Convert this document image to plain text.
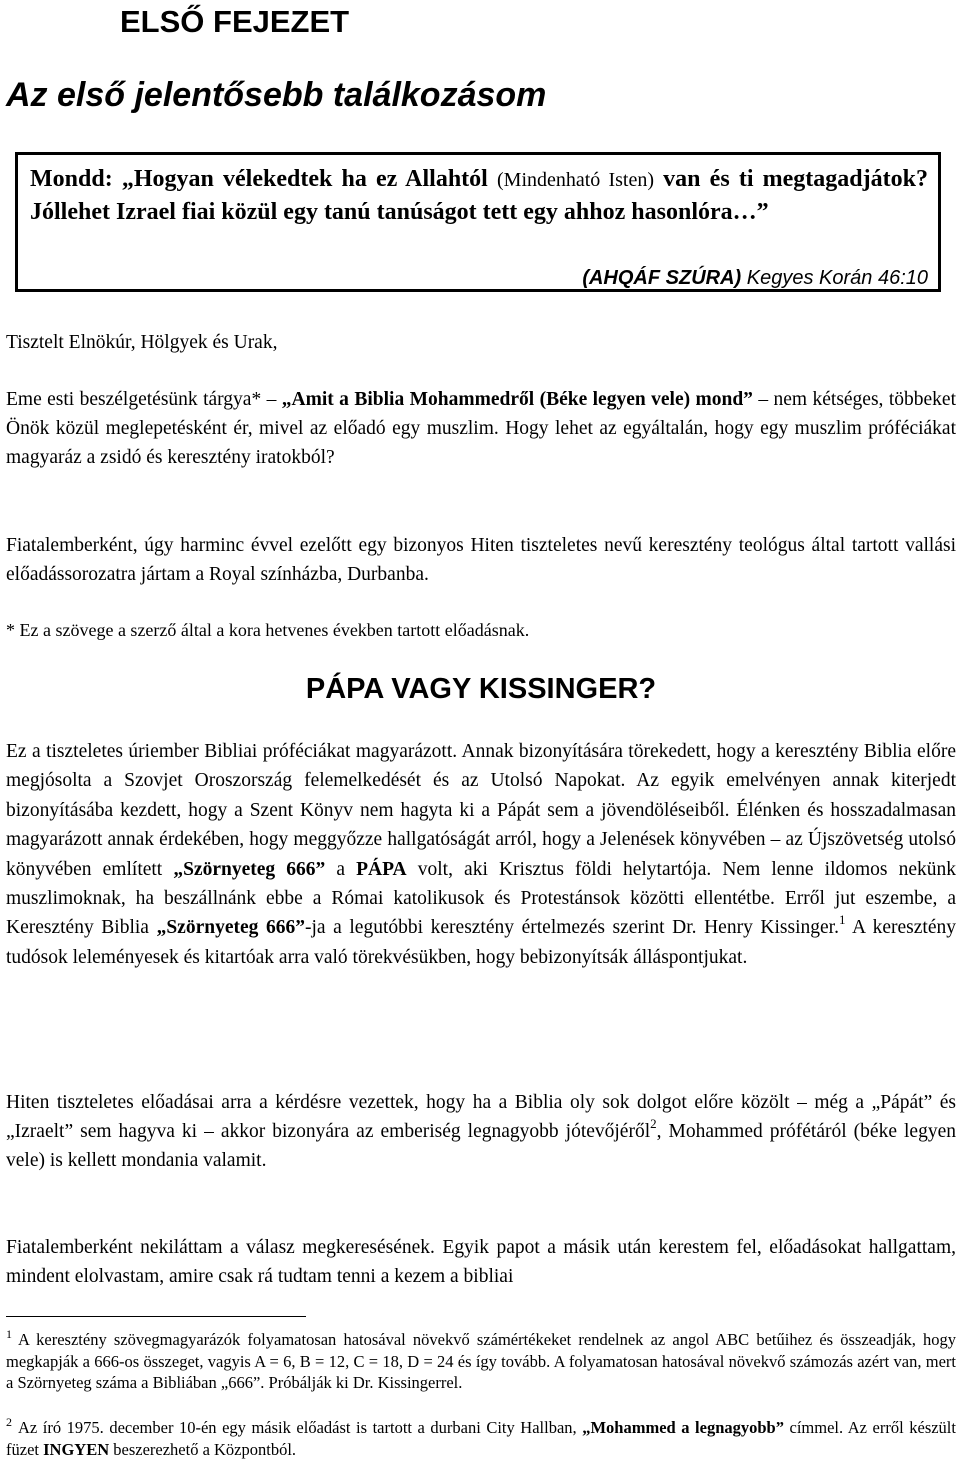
ELSŐ FEJEZET
Az első jelentősebb találkozásom
Mondd: „Hogyan vélekedtek ha ez Allahtól (Mindenható Isten) van és ti megtagadjátok? Jóllehet Izrael fiai közül egy tanú tanúságot tett egy ahhoz hasonlóra…”
(AHQÁF SZÚRA) Kegyes Korán 46:10
Tisztelt Elnökúr, Hölgyek és Urak,
Eme esti beszélgetésünk tárgya* – „Amit a Biblia Mohammedről (Béke legyen vele) mond” – nem kétséges, többeket Önök közül meglepetésként ér, mivel az előadó egy muszlim. Hogy lehet az egyáltalán, hogy egy muszlim próféciákat magyaráz a zsidó és keresztény iratokból?
Fiatalemberként, úgy harminc évvel ezelőtt egy bizonyos Hiten tiszteletes nevű keresztény teológus által tartott vallási előadássorozatra jártam a Royal színházba, Durbanba.
* Ez a szövege a szerző által a kora hetvenes években tartott előadásnak.
PÁPA VAGY KISSINGER?
Ez a tiszteletes úriember Bibliai próféciákat magyarázott. Annak bizonyítására törekedett, hogy a keresztény Biblia előre megjósolta a Szovjet Oroszország felemelkedését és az Utolsó Napokat. Az egyik emelvényen annak kiterjedt bizonyításába kezdett, hogy a Szent Könyv nem hagyta ki a Pápát sem a jövendöléseiből. Élénken és hosszadalmasan magyarázott annak érdekében, hogy meggyőzze hallgatóságát arról, hogy a Jelenések könyvében – az Újszövetség utolsó könyvében említett „Szörnyeteg 666” a PÁPA volt, aki Krisztus földi helytartója. Nem lenne ildomos nekünk muszlimoknak, ha beszállnánk ebbe a Római katolikusok és Protestánsok közötti ellentétbe. Erről jut eszembe, a Keresztény Biblia „Szörnyeteg 666”-ja a legutóbbi keresztény értelmezés szerint Dr. Henry Kissinger.$^1$ A keresztény tudósok leleményesek és kitartóak arra való törekvésükben, hogy bebizonyítsák álláspontjukat.
Hiten tiszteletes előadásai arra a kérdésre vezettek, hogy ha a Biblia oly sok dolgot előre közölt – még a „Pápát” és „Izraelt” sem hagyva ki – akkor bizonyára az emberiség legnagyobb jótevőjéről$^2$, Mohammed prófétáról (béke legyen vele) is kellett mondania valamit.
Fiatalemberként nekiláttam a válasz megkeresésének. Egyik papot a másik után kerestem fel, előadásokat hallgattam, mindent elolvastam, amire csak rá tudtam tenni a kezem a bibliai
$^1$ A keresztény szövegmagyarázók folyamatosan hatosával növekvő számértékeket rendelnek az angol ABC betűihez és összeadják, hogy megkapják a 666-os összeget, vagyis A = 6, B = 12, C = 18, D = 24 és így tovább. A folyamatosan hatosával növekvő számozás azért van, mert a Szörnyeteg száma a Bibliában „666”. Próbálják ki Dr. Kissingerrel.
$^2$ Az író 1975. december 10-én egy másik előadást is tartott a durbani City Hallban, „Mohammed a legnagyobb” címmel. Az erről készült füzet INGYEN beszerezhető a Központból.
